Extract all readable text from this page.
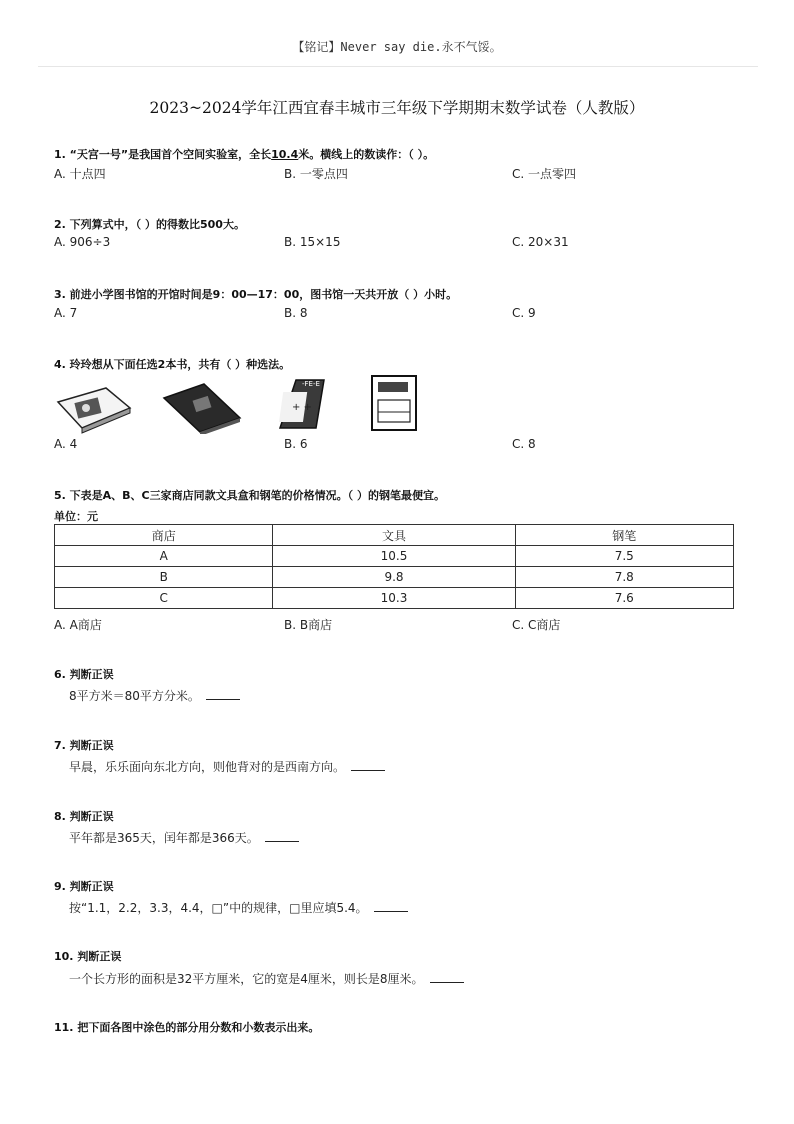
【铭记】Never say die.永不气馁。
2023~2024学年江西宜春丰城市三年级下学期期末数学试卷（人教版）
1. “天宫一号”是我国首个空间实验室，全长10.4米。横线上的数读作：（ ）。
A. 十点四	B. 一零点四	C. 一点零四
2. 下列算式中，（ ）的得数比500大。
A. 906÷3	B. 15×15	C. 20×31
3. 前进小学图书馆的开馆时间是9：00—17：00，图书馆一天共开放（ ）小时。
A. 7	B. 8	C. 9
4. 玲玲想从下面任选2本书，共有（ ）种选法。
-FE-E
+ +
A. 4	B. 6	C. 8
5. 下表是A、B、C三家商店同款文具盒和钢笔的价格情况。（ ）的钢笔最便宜。
单位：元
商店	文具	钢笔
A	10.5	7.5
B	9.8	7.8
C	10.3	7.6
A. A商店	B. B商店	C. C商店
6. 判断正误
8平方米＝80平方分米。
7. 判断正误
早晨，乐乐面向东北方向，则他背对的是西南方向。
8. 判断正误
平年都是365天，闰年都是366天。
9. 判断正误
按“1.1，2.2，3.3，4.4，□”中的规律，□里应填5.4。
10. 判断正误
一个长方形的面积是32平方厘米，它的宽是4厘米，则长是8厘米。
11. 把下面各图中涂色的部分用分数和小数表示出来。
